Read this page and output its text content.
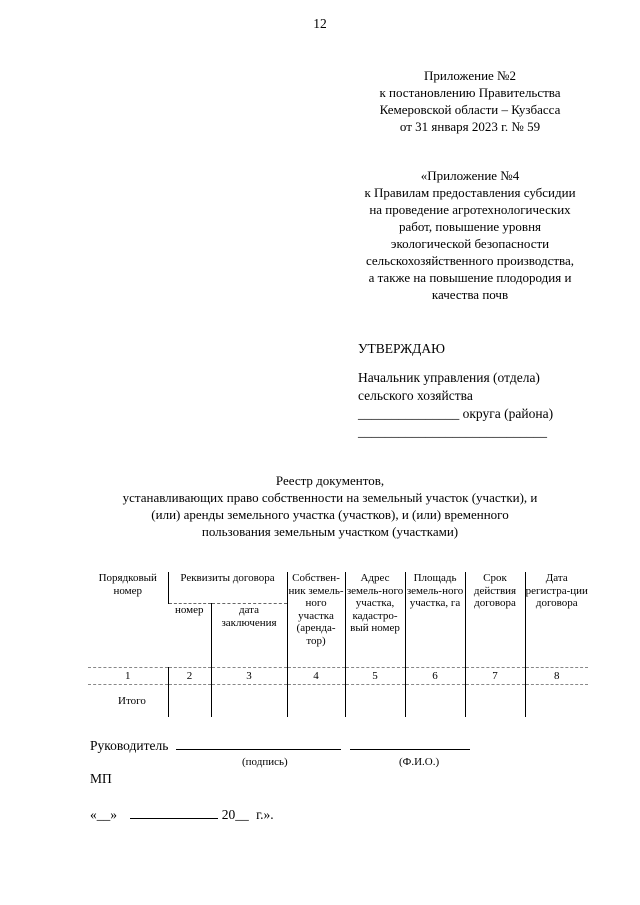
12
Приложение №2
к постановлению Правительства
Кемеровской области – Кузбасса
от 31 января 2023 г. № 59
«Приложение №4
к Правилам предоставления субсидии
на проведение агротехнологических
работ, повышение уровня
экологической безопасности
сельскохозяйственного производства,
а также на повышение плодородия и
качества почв
УТВЕРЖДАЮ
Начальник управления (отдела)
сельского хозяйства
_______________ округа (района)
____________________________
Реестр документов,
устанавливающих право собственности на земельный участок (участки), и
(или) аренды земельного участка (участков), и (или) временного
пользования земельным участком (участками)
Порядковый номер	Реквизиты договора		Собствен-ник земель-ного участка (аренда-тор)	Адрес земель-ного участка, кадастро-вый номер	Площадь земель-ного участка, га	Срок действия договора	Дата регистра-ции договора
	номер	дата заключения					
1	2	3	4	5	6	7	8
Итого							
Руководитель
(подпись)	(Ф.И.О.)
МП
«__»	20__ г.».
